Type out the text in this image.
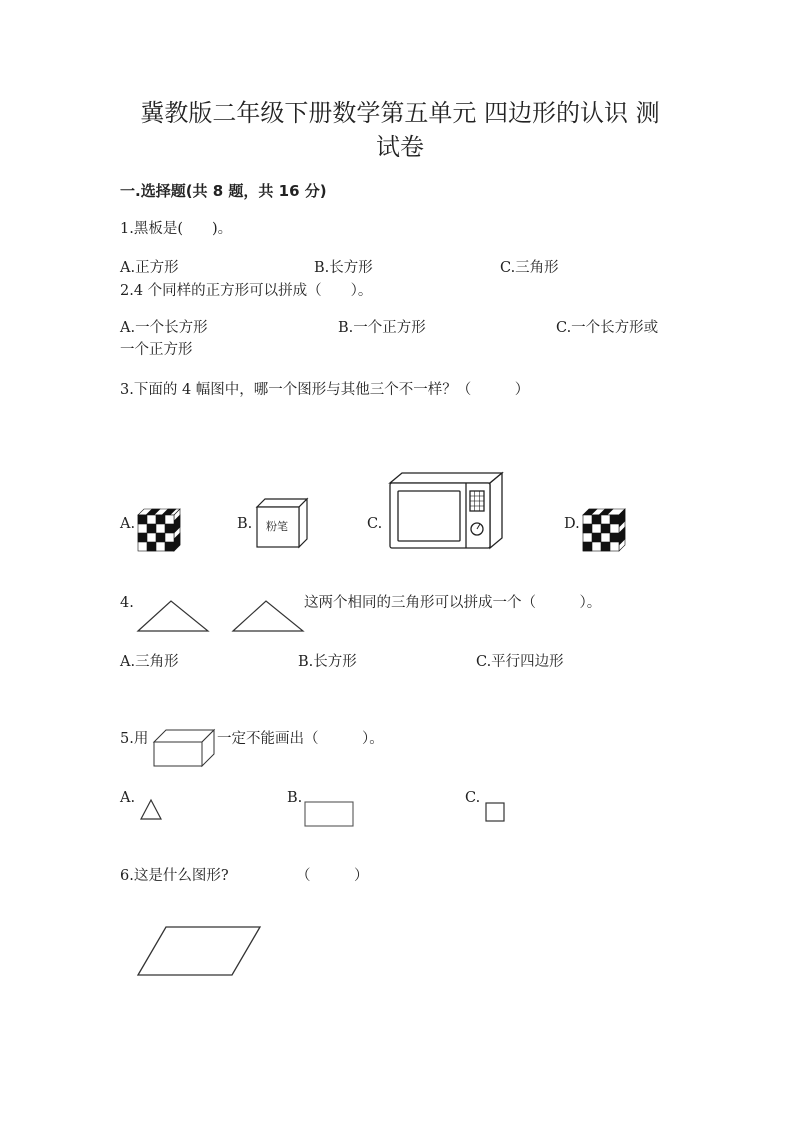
冀教版二年级下册数学第五单元 四边形的认识 测
试卷
一.选择题(共 8 题，共 16 分)
1.黑板是(　　)。
A.正方形	B.长方形	C.三角形
2.4 个同样的正方形可以拼成（　　）。
A.一个长方形	B.一个正方形	C.一个长方形或
一个正方形
3.下面的 4 幅图中，哪一个图形与其他三个不一样？（　　　）
A.	B.	C.	D.
粉笔
4.	这两个相同的三角形可以拼成一个（　　　）。
A.三角形	B.长方形	C.平行四边形
5.用	一定不能画出（　　　）。
A.	B.	C.
6.这是什么图形?	（　　　）
